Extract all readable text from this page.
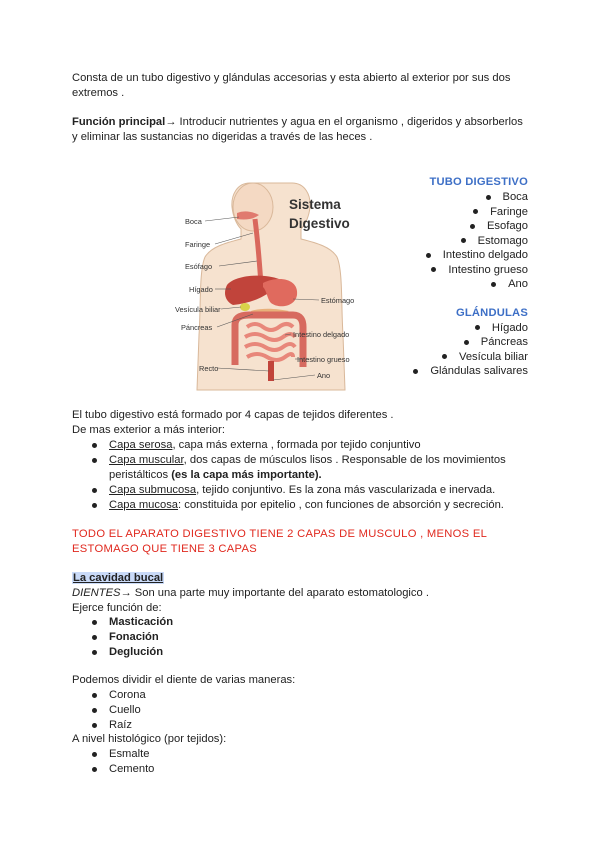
Consta de un tubo digestivo y glándulas accesorias y esta abierto al exterior por sus dos
extremos .
Función principal→ Introducir nutrientes y agua en el organismo , digeridos y absorberlos
y eliminar las sustancias no digeridas a través de las heces .
Sistema
Digestivo
Boca
Faringe
Esófago
Hígado
Vesícula biliar
Páncreas
Recto
Estómago
Intestino delgado
Intestino grueso
Ano
TUBO DIGESTIVO
Boca
Faringe
Esofago
Estomago
Intestino delgado
Intestino grueso
Ano
GLÁNDULAS
Hígado
Páncreas
Vesícula biliar
Glándulas salivares
El tubo digestivo está formado por 4 capas de tejidos diferentes .
De mas exterior a más interior:
Capa serosa, capa más externa , formada por tejido conjuntivo
Capa muscular, dos capas de músculos lisos . Responsable de los movimientos
peristálticos (es la capa más importante).
Capa submucosa, tejido conjuntivo. Es la zona más vascularizada e inervada.
Capa mucosa: constituida por epitelio , con funciones de absorción y secreción.
TODO EL APARATO DIGESTIVO TIENE 2 CAPAS DE MUSCULO , MENOS EL
ESTOMAGO QUE TIENE 3 CAPAS
La cavidad bucal
DIENTES→ Son una parte muy importante del aparato estomatologico .
Ejerce función de:
Masticación
Fonación
Deglución
Podemos dividir el diente de varias maneras:
Corona
Cuello
Raíz
A nivel histológico (por tejidos):
Esmalte
Cemento
